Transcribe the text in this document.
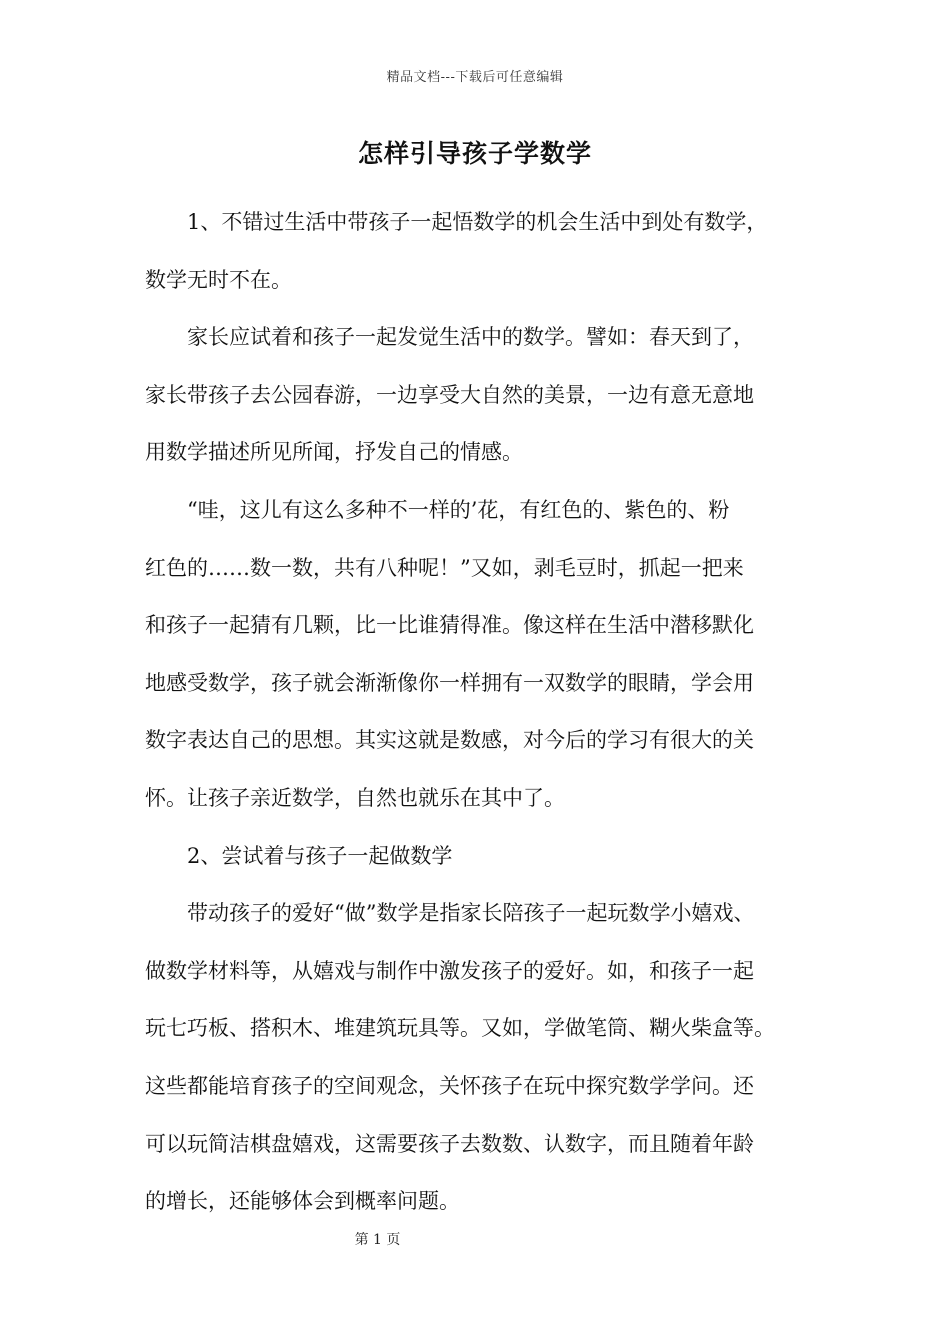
精品文档---下载后可任意编辑
怎样引导孩子学数学

1、不错过生活中带孩子一起悟数学的机会生活中到处有数学，
数学无时不在。

家长应试着和孩子一起发觉生活中的数学。譬如：春天到了，
家长带孩子去公园春游，一边享受大自然的美景，一边有意无意地
用数学描述所见所闻，抒发自己的情感。

“哇，这儿有这么多种不一样的’花，有红色的、紫色的、粉
红色的……数一数，共有八种呢！”又如，剥毛豆时，抓起一把来
和孩子一起猜有几颗，比一比谁猜得准。像这样在生活中潜移默化
地感受数学，孩子就会渐渐像你一样拥有一双数学的眼睛，学会用
数字表达自己的思想。其实这就是数感，对今后的学习有很大的关
怀。让孩子亲近数学，自然也就乐在其中了。

2、尝试着与孩子一起做数学

带动孩子的爱好“做”数学是指家长陪孩子一起玩数学小嬉戏、
做数学材料等，从嬉戏与制作中激发孩子的爱好。如，和孩子一起
玩七巧板、搭积木、堆建筑玩具等。又如，学做笔筒、糊火柴盒等。
这些都能培育孩子的空间观念，关怀孩子在玩中探究数学学问。还
可以玩简洁棋盘嬉戏，这需要孩子去数数、认数字，而且随着年龄
的增长，还能够体会到概率问题。

第 1 页
